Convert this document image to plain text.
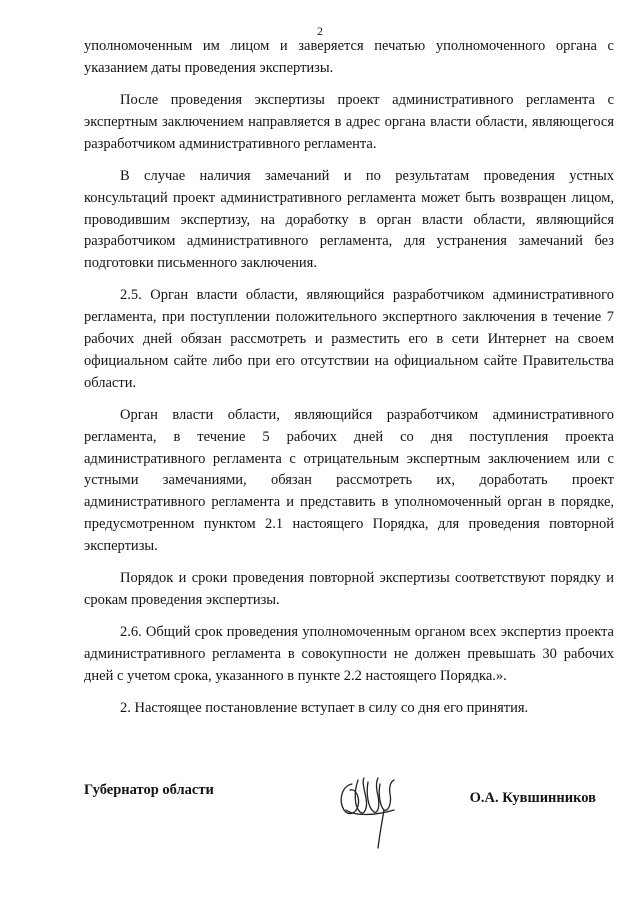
2

уполномоченным им лицом и заверяется печатью уполномоченного органа с указанием даты проведения экспертизы.

После проведения экспертизы проект административного регламента с экспертным заключением направляется в адрес органа власти области, являющегося разработчиком административного регламента.

В случае наличия замечаний и по результатам проведения устных консультаций проект административного регламента может быть возвращен лицом, проводившим экспертизу, на доработку в орган власти области, являющийся разработчиком административного регламента, для устранения замечаний без подготовки письменного заключения.

2.5. Орган власти области, являющийся разработчиком административного регламента, при поступлении положительного экспертного заключения в течение 7 рабочих дней обязан рассмотреть и разместить его в сети Интернет на своем официальном сайте либо при его отсутствии на официальном сайте Правительства области.

Орган власти области, являющийся разработчиком административного регламента, в течение 5 рабочих дней со дня поступления проекта административного регламента с отрицательным экспертным заключением или с устными замечаниями, обязан рассмотреть их, доработать проект административного регламента и представить в уполномоченный орган в порядке, предусмотренном пунктом 2.1 настоящего Порядка, для проведения повторной экспертизы.

Порядок и сроки проведения повторной экспертизы соответствуют порядку и срокам проведения экспертизы.

2.6. Общий срок проведения уполномоченным органом всех экспертиз проекта административного регламента в совокупности не должен превышать 30 рабочих дней с учетом срока, указанного в пункте 2.2 настоящего Порядка.».

2. Настоящее постановление вступает в силу со дня его принятия.

Губернатор области	О.А. Кувшинников
